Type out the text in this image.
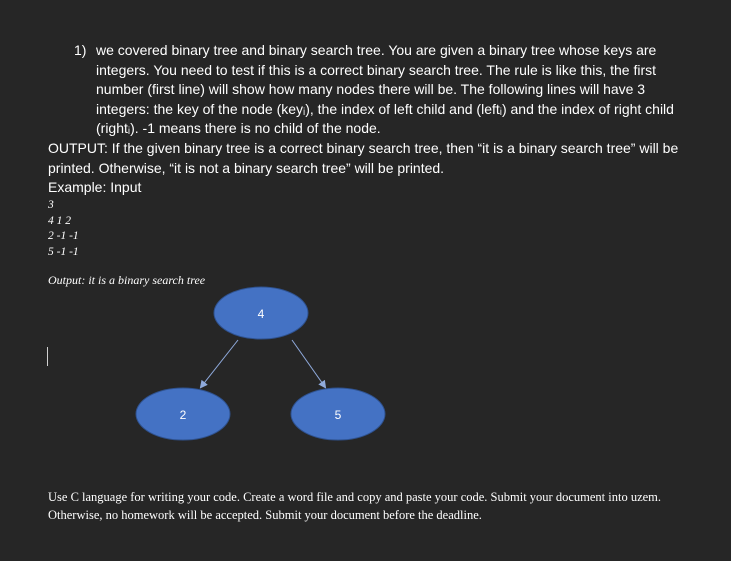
1) we covered binary tree and binary search tree. You are given a binary tree whose keys are integers. You need to test if this is a correct binary search tree. The rule is like this, the first number (first line) will show how many nodes there will be. The following lines will have 3 integers: the key of the node (keyᵢ), the index of left child and (leftᵢ) and the index of right child (rightᵢ). -1 means there is no child of the node.

OUTPUT: If the given binary tree is a correct binary search tree, then “it is a binary search tree” will be printed. Otherwise, “it is not a binary search tree” will be printed.

Example: Input

3
4 1 2
2 -1 -1
5 -1 -1
Output: it is a binary search tree
4
2	5

Use C language for writing your code. Create a word file and copy and paste your code. Submit your document into uzem. Otherwise, no homework will be accepted. Submit your document before the deadline.
